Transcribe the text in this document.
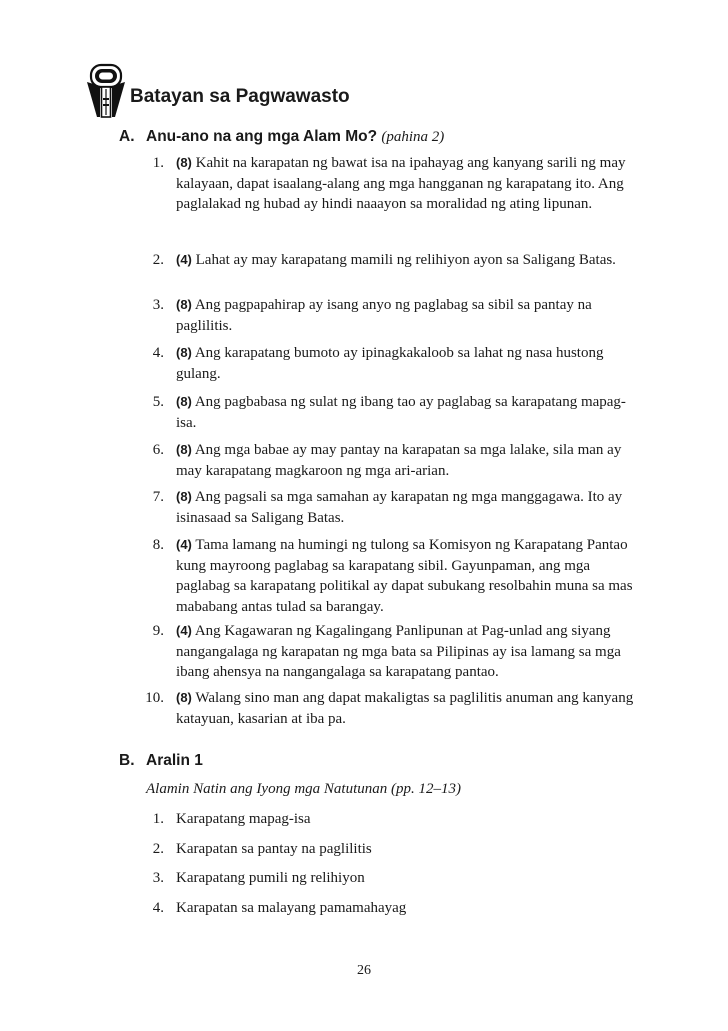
Batayan sa Pagwawasto
A. Anu-ano na ang mga Alam Mo? (pahina 2)
1. (8) Kahit na karapatan ng bawat isa na ipahayag ang kanyang sarili ng may kalayaan, dapat isaalang-alang ang mga hangganan ng karapatang ito. Ang paglalakad ng hubad ay hindi naaayon sa moralidad ng ating lipunan.
2. (4) Lahat ay may karapatang mamili ng relihiyon ayon sa Saligang Batas.
3. (8) Ang pagpapahirap ay isang anyo ng paglabag sa sibil sa pantay na paglilitis.
4. (8) Ang karapatang bumoto ay ipinagkakaloob sa lahat ng nasa hustong gulang.
5. (8) Ang pagbabasa ng sulat ng ibang tao ay paglabag sa karapatang mapag-isa.
6. (8) Ang mga babae ay may pantay na karapatan sa mga lalake, sila man ay may karapatang magkaroon ng mga ari-arian.
7. (8) Ang pagsali sa mga samahan ay karapatan ng mga manggagawa. Ito ay isinasaad sa Saligang Batas.
8. (4) Tama lamang na humingi ng tulong sa Komisyon ng Karapatang Pantao kung mayroong paglabag sa karapatang sibil. Gayunpaman, ang mga paglabag sa karapatang politikal ay dapat subukang resolbahin muna sa mas mababang antas tulad sa barangay.
9. (4) Ang Kagawaran ng Kagalingang Panlipunan at Pag-unlad ang siyang nangangalaga ng karapatan ng mga bata sa Pilipinas ay isa lamang sa mga ibang ahensya na nangangalaga sa karapatang pantao.
10. (8) Walang sino man ang dapat makaligtas sa paglilitis anuman ang kanyang katayuan, kasarian at iba pa.
B. Aralin 1
Alamin Natin ang Iyong mga Natutunan (pp. 12–13)
1. Karapatang mapag-isa
2. Karapatan sa pantay na paglilitis
3. Karapatang pumili ng relihiyon
4. Karapatan sa malayang pamamahayag
26
